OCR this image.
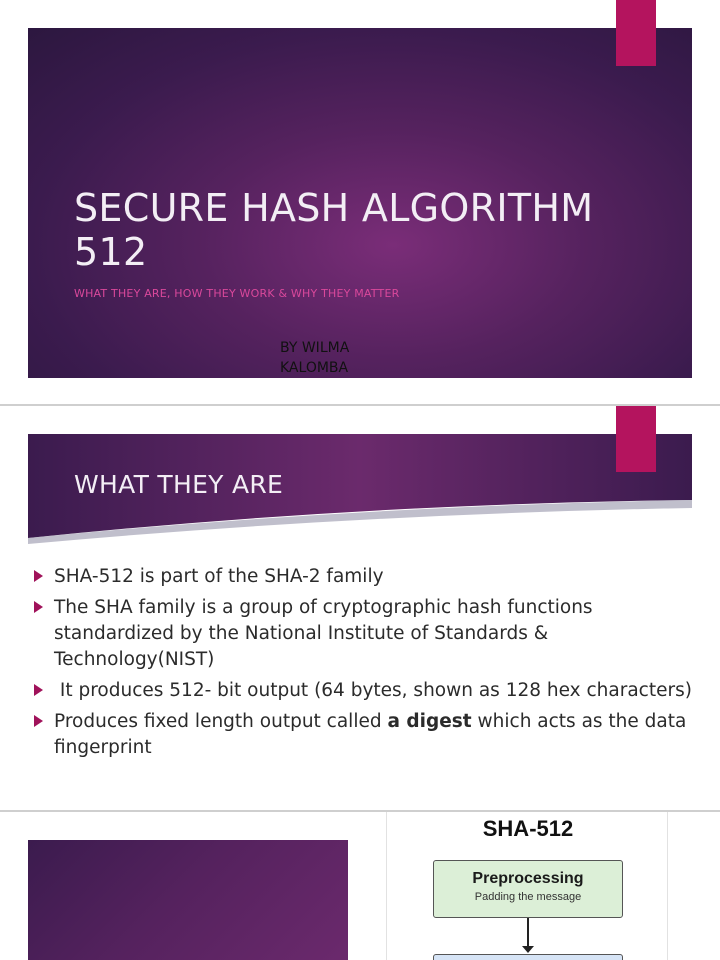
SECURE HASH ALGORITHM 512
WHAT THEY ARE, HOW THEY WORK & WHY THEY MATTER
BY WILMA KALOMBA
WHAT THEY ARE
SHA-512 is part of the SHA-2 family
The SHA family is a group of cryptographic hash functions standardized by the National Institute of Standards & Technology(NIST)
It produces 512- bit output (64 bytes, shown as 128 hex characters)
Produces fixed length output called a digest which acts as the data fingerprint
SHA-512
Preprocessing
Padding the message
